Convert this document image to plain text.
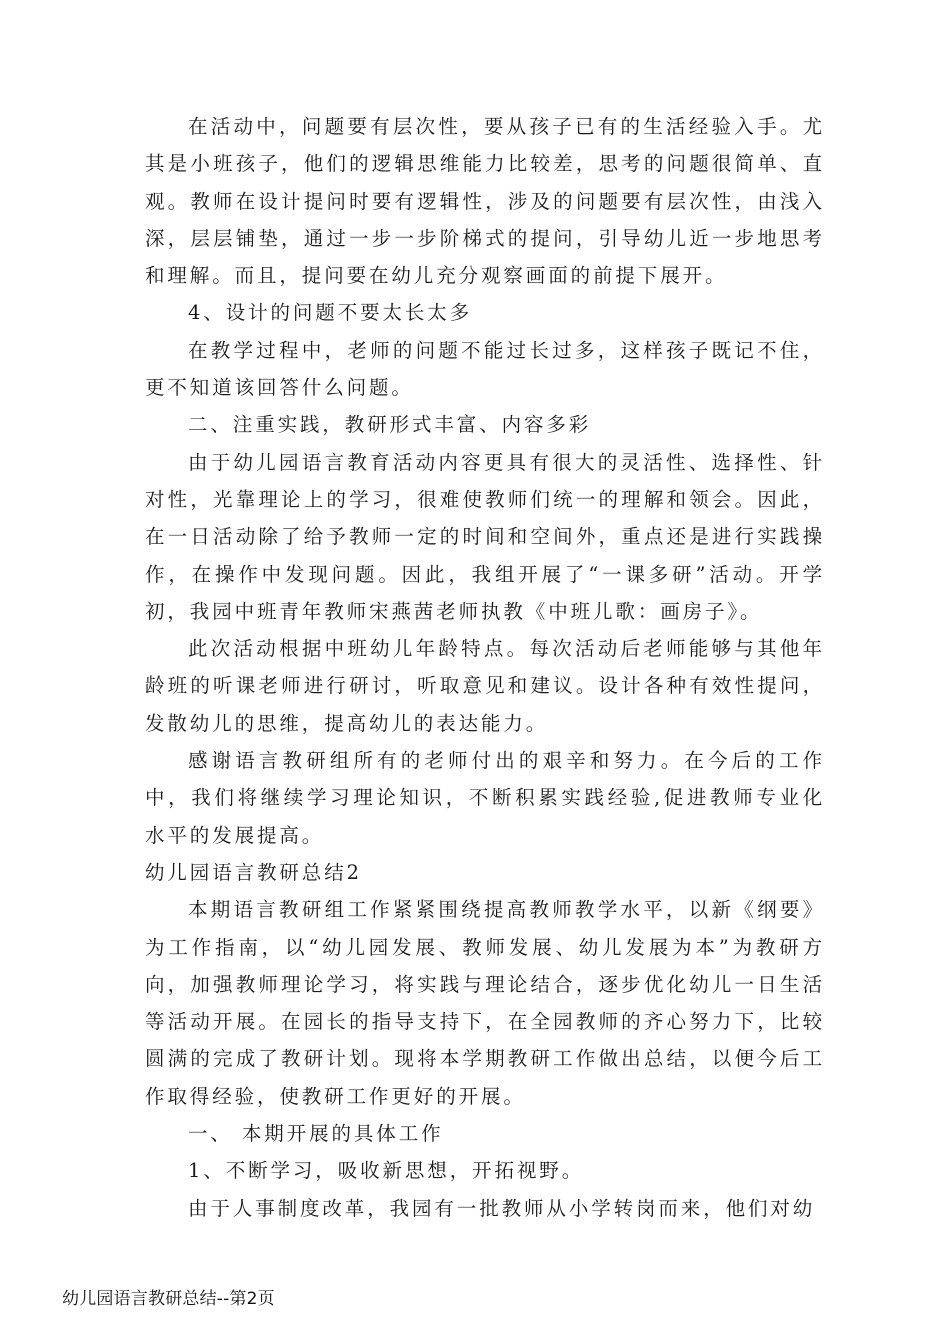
在活动中，问题要有层次性，要从孩子已有的生活经验入手。尤其是小班孩子，他们的逻辑思维能力比较差，思考的问题很简单、直观。教师在设计提问时要有逻辑性，涉及的问题要有层次性，由浅入深，层层铺垫，通过一步一步阶梯式的提问，引导幼儿近一步地思考和理解。而且，提问要在幼儿充分观察画面的前提下展开。

4、设计的问题不要太长太多

在教学过程中，老师的问题不能过长过多，这样孩子既记不住，更不知道该回答什么问题。

二、注重实践，教研形式丰富、内容多彩

由于幼儿园语言教育活动内容更具有很大的灵活性、选择性、针对性，光靠理论上的学习，很难使教师们统一的理解和领会。因此，在一日活动除了给予教师一定的时间和空间外，重点还是进行实践操作，在操作中发现问题。因此，我组开展了“一课多研”活动。开学初，我园中班青年教师宋燕茜老师执教《中班儿歌：画房子》。

此次活动根据中班幼儿年龄特点。每次活动后老师能够与其他年龄班的听课老师进行研讨，听取意见和建议。设计各种有效性提问，发散幼儿的思维，提高幼儿的表达能力。

感谢语言教研组所有的老师付出的艰辛和努力。在今后的工作中，我们将继续学习理论知识，不断积累实践经验,促进教师专业化水平的发展提高。

幼儿园语言教研总结2

本期语言教研组工作紧紧围绕提高教师教学水平，以新《纲要》为工作指南，以“幼儿园发展、教师发展、幼儿发展为本”为教研方向，加强教师理论学习，将实践与理论结合，逐步优化幼儿一日生活等活动开展。在园长的指导支持下，在全园教师的齐心努力下，比较圆满的完成了教研计划。现将本学期教研工作做出总结，以便今后工作取得经验，使教研工作更好的开展。

一、 本期开展的具体工作

1、不断学习，吸收新思想，开拓视野。

由于人事制度改革，我园有一批教师从小学转岗而来，他们对幼

幼儿园语言教研总结--第2页
